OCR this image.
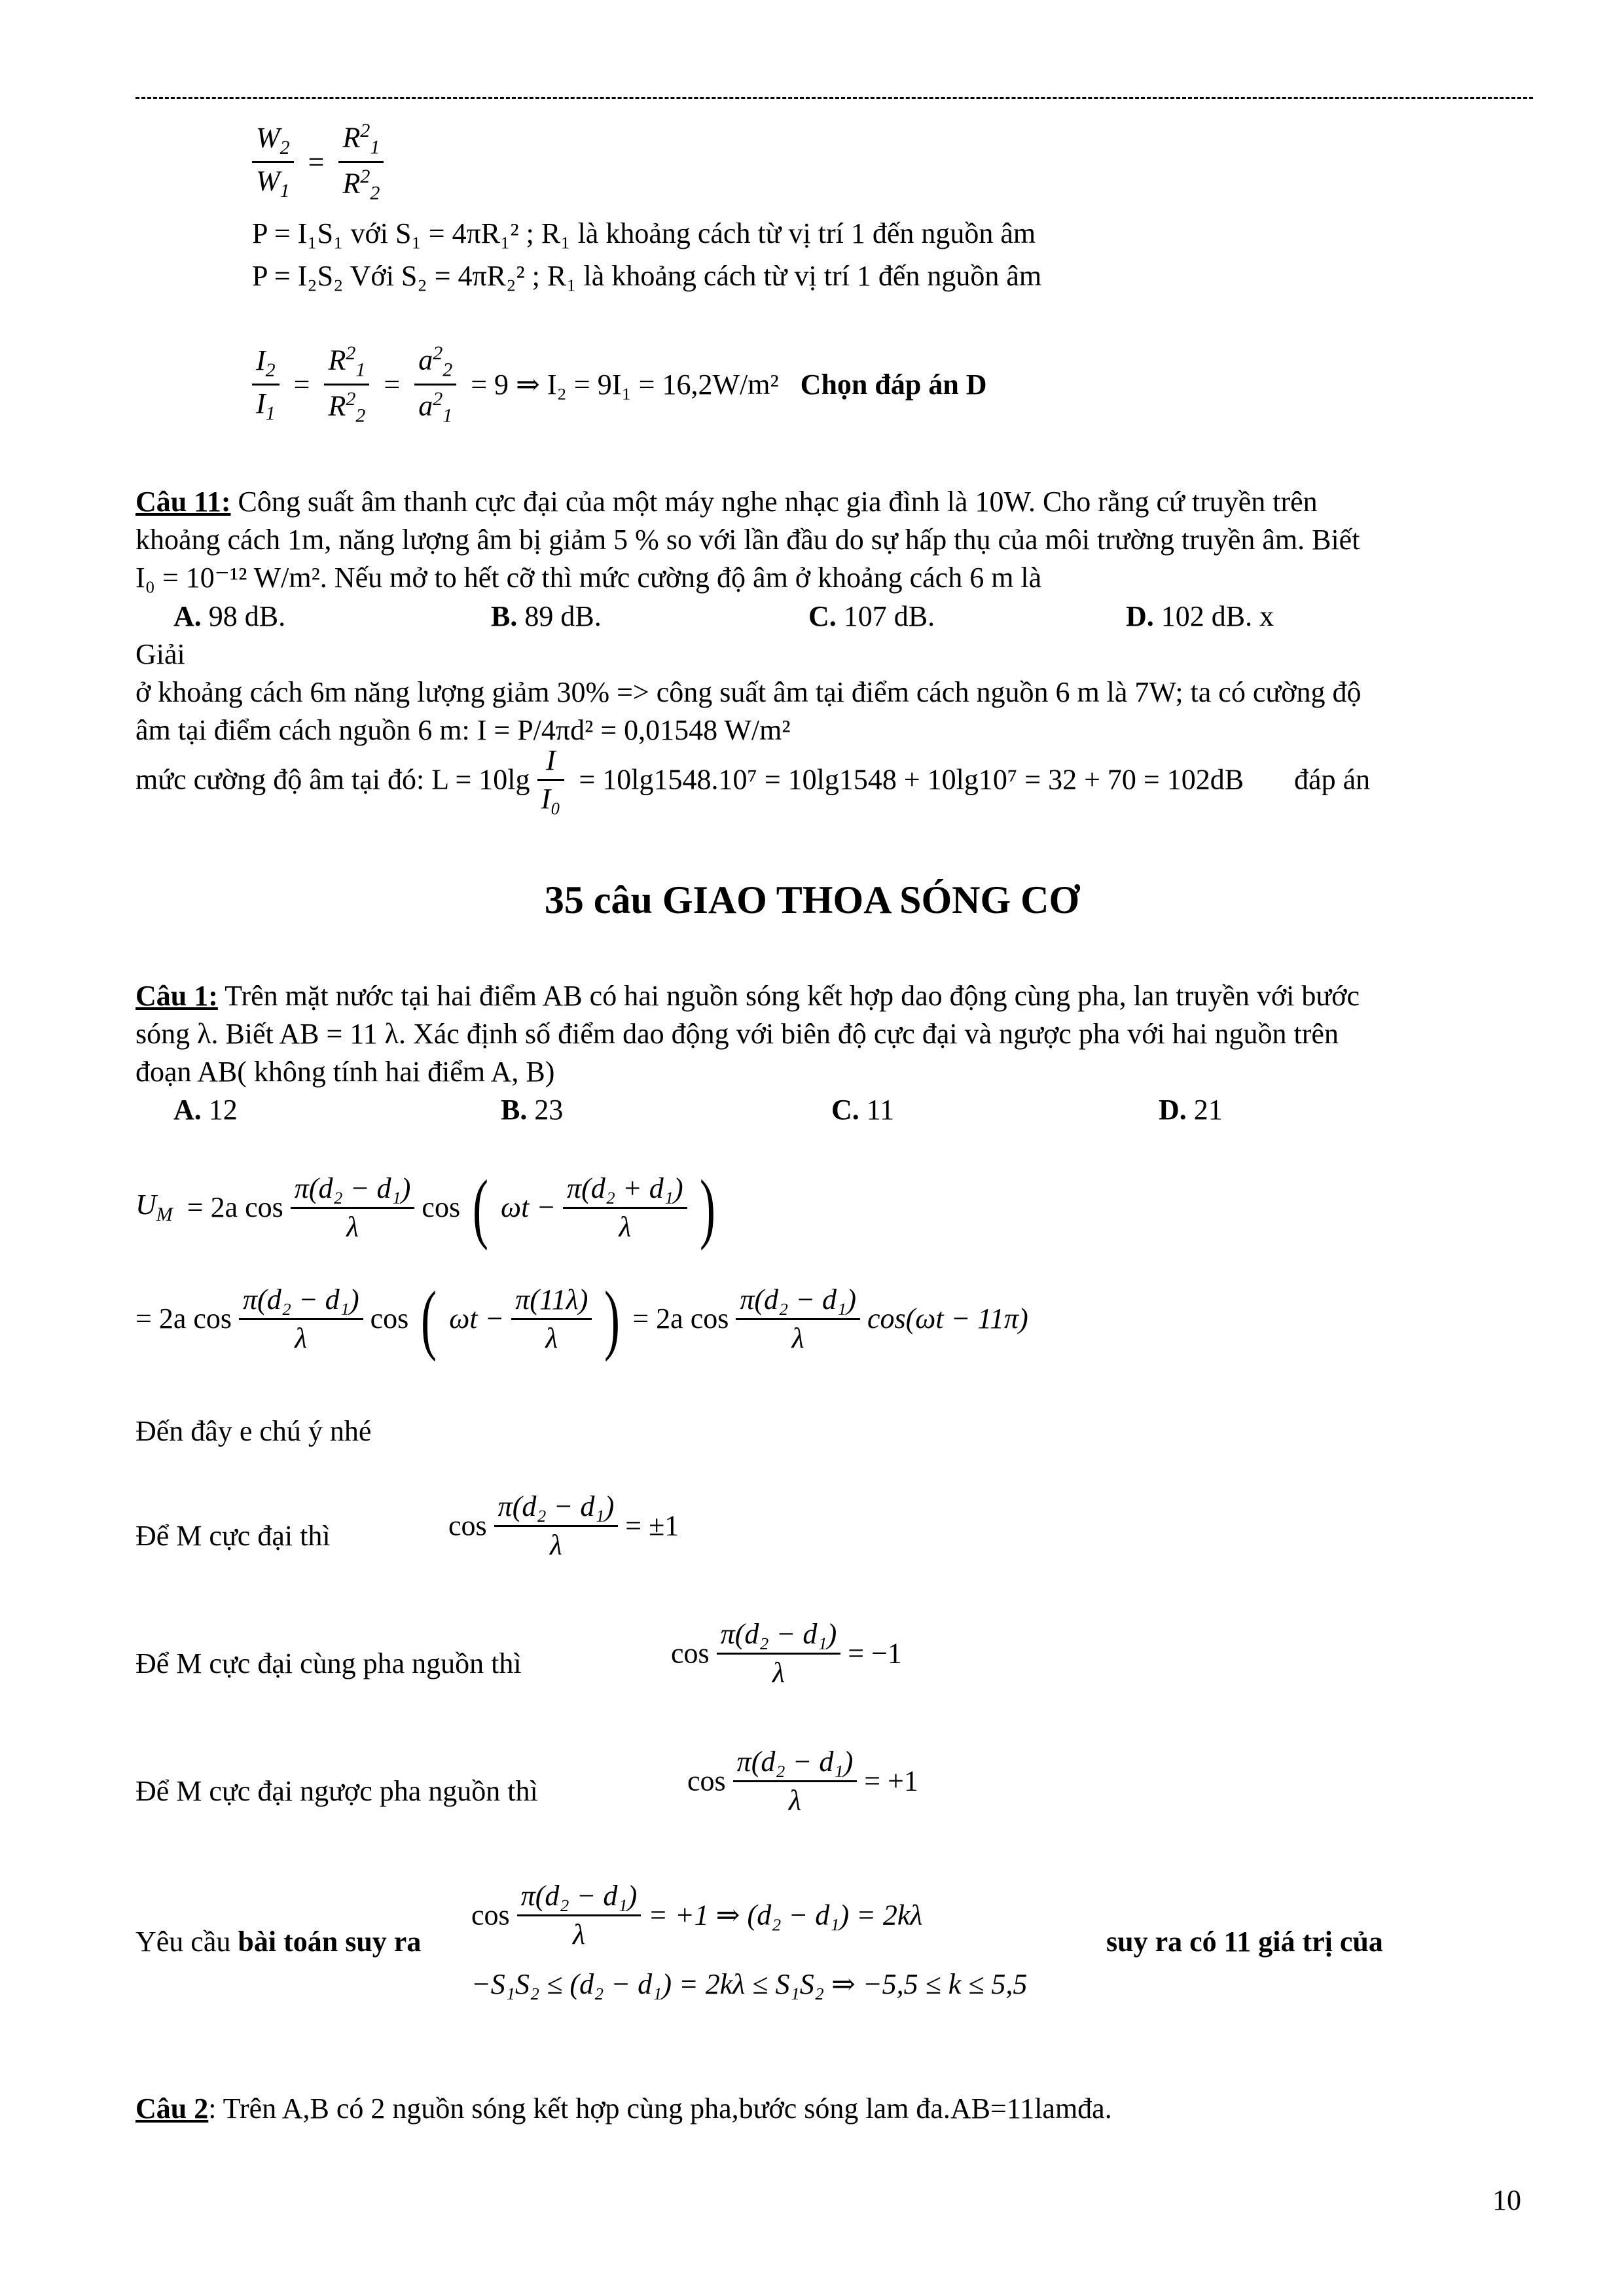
$\frac{W_2}{W_1} = \frac{R^2_1}{R^2_2}$
P = I₁S₁ với S₁ = 4πR₁² ; R₁ là khoảng cách từ vị trí 1 đến nguồn âm
P = I₂S₂ Với S₂ = 4πR₂² ; R₁ là khoảng cách từ vị trí 1 đến nguồn âm
$\frac{I_2}{I_1} = \frac{R^2_1}{R^2_2} = \frac{a^2_2}{a^2_1} = 9$ ⇒ I₂ = 9I₁ = 16,2W/m² Chọn đáp án D
Câu 11: Công suất âm thanh cực đại của một máy nghe nhạc gia đình là 10W. Cho rằng cứ truyền trên
khoảng cách 1m, năng lượng âm bị giảm 5 % so với lần đầu do sự hấp thụ của môi trường truyền âm. Biết
I₀ = 10⁻¹² W/m². Nếu mở to hết cỡ thì mức cường độ âm ở khoảng cách 6 m là
A. 98 dB.	B. 89 dB.	C. 107 dB.	D. 102 dB. x
Giải
ở khoảng cách 6m năng lượng giảm 30% => công suất âm tại điểm cách nguồn 6 m là 7W; ta có cường độ
âm tại điểm cách nguồn 6 m: I = P/4πd² = 0,01548 W/m²
mức cường độ âm tại đó: $L = 10\lg \frac{I}{\text{I₀}} = 10\lg 1548.10^7 = 10\lg 1548 + 10\lg 10^7 = 32 + 70 = 102dB$ đáp án
35 câu GIAO THOA SÓNG CƠ
Câu 1: Trên mặt nước tại hai điểm AB có hai nguồn sóng kết hợp dao động cùng pha, lan truyền với bước
sóng λ. Biết AB = 11 λ. Xác định số điểm dao động với biên độ cực đại và ngược pha với hai nguồn trên
đoạn AB( không tính hai điểm A, B)
A. 12	B. 23	C. 11	D. 21
$U_M = 2a$ $\cos \frac{\text{π(d₂ − d₁)}}{\lambda}$ cos ( $\omega t - \frac{\text{π(d₂ + d₁)}}{\lambda}$ )
= 2a $\cos \frac{\text{π(d₂ − d₁)}}{\lambda}$ cos ( $\omega t - \frac{\pi(11\lambda)}{\lambda}$ ) = 2a $\cos \frac{\text{π(d₂ − d₁)}}{\lambda} \cos(\omega t - 11\pi)$
Đến đây e chú ý nhé
Để M cực đại thì	$\cos \frac{\text{π(d₂ − d₁)}}{\lambda} = \pm 1$
Để M cực đại cùng pha nguồn thì	$\cos \frac{\text{π(d₂ − d₁)}}{\lambda} = -1$
Để M cực đại ngược pha nguồn thì	$\cos \frac{\text{π(d₂ − d₁)}}{\lambda} = +1$
Yêu cầu bài toán suy ra
$\cos \frac{\text{π(d₂ − d₁)}}{\lambda} = +1$ ⇒ (d₂ − d₁) = 2kλ
suy ra có 11 giá trị của
−S₁S₂ ≤ (d₂ − d₁) = 2kλ ≤ S₁S₂ ⇒ −5,5 ≤ k ≤ 5,5
Câu 2: Trên A,B có 2 nguồn sóng kết hợp cùng pha,bước sóng lam đa.AB=11lamđa.
10
